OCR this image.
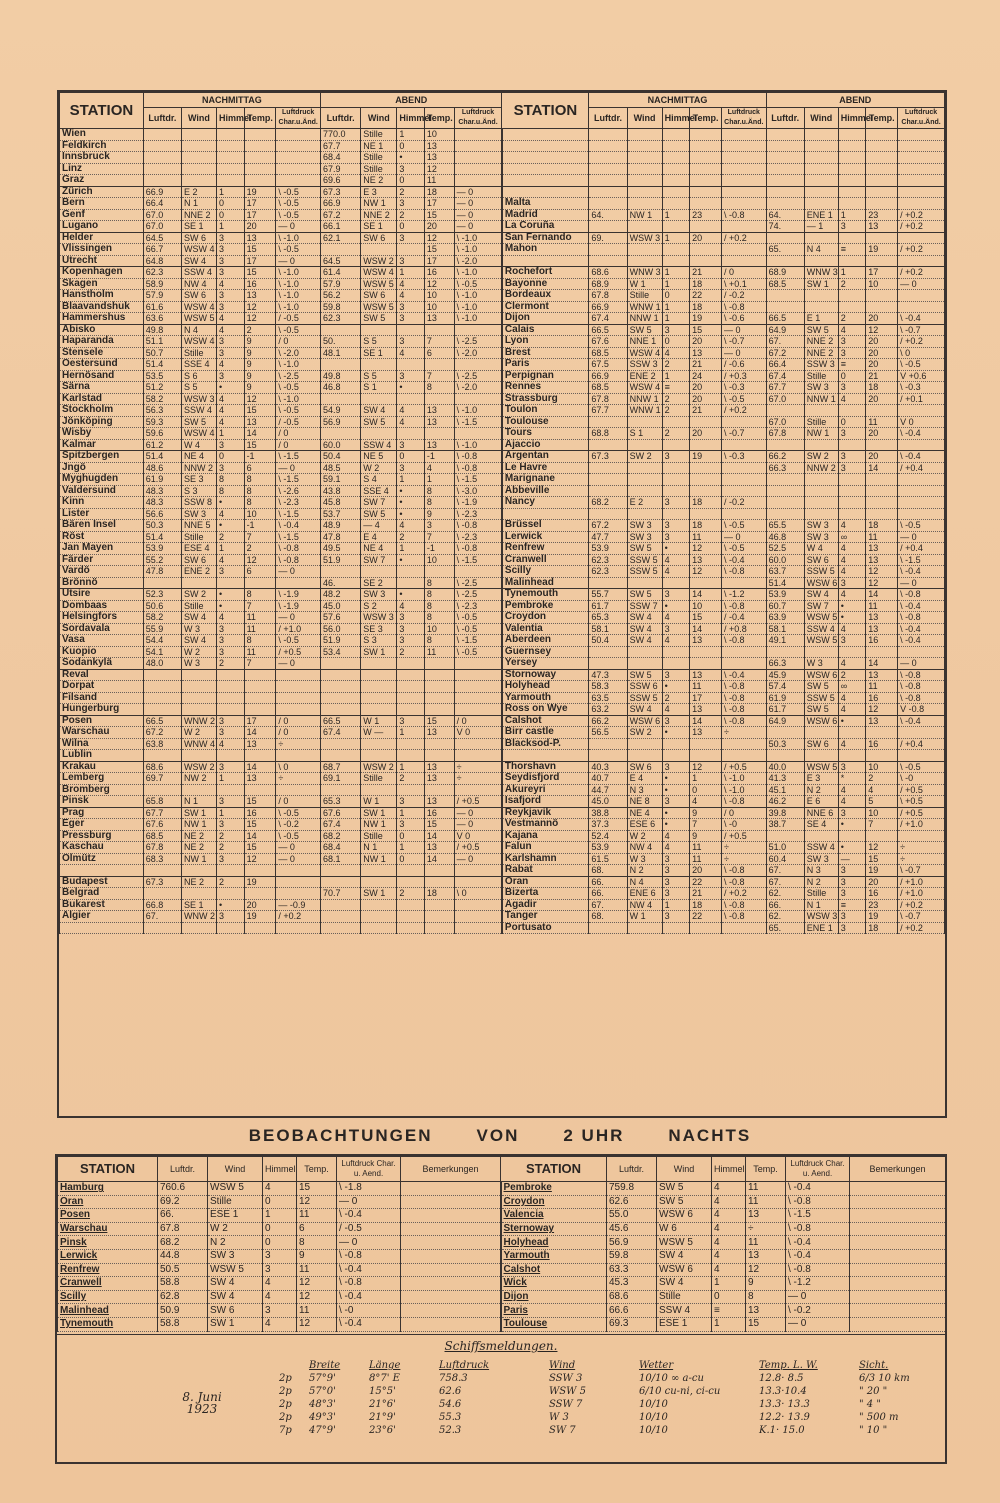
STATION	NACHMITTAG					ABEND					STATION	NACHMITTAG					ABEND				
	Luftdr.	Wind	Himmel	Temp.	Luftdruck Char.u.Änd.	Luftdr.	Wind	Himmel	Temp.	Luftdruck Char.u.Änd.		Luftdr.	Wind	Himmel	Temp.	Luftdruck Char.u.Änd.	Luftdr.	Wind	Himmel	Temp.	Luftdruck Char.u.Änd.
Wien						770.0	Stille	1	10												
Feldkirch						67.7	NE 1	0	13												
Innsbruck						68.4	Stille	•	13												
Linz						67.9	Stille	3	12												
Graz						69.6	NE 2	0	11												
Zürich	66.9	E 2	1	19	\ -0.5	67.3	E 3	2	18	— 0											
Bern	66.4	N 1	0	17	\ -0.5	66.9	NW 1	3	17	— 0	Malta										
Genf	67.0	NNE 2	0	17	\ -0.5	67.2	NNE 2	2	15	— 0	Madrid	64.	NW 1	1	23	\ -0.8	64.	ENE 1	1	23	/ +0.2
Lugano	67.0	SE 1	1	20	— 0	66.1	SE 1	0	20	— 0	La Coruña						74.	— 1	3	13	/ +0.2
Helder	64.5	SW 6	3	13	\ -1.0	62.1	SW 6	3	12	\ -1.0	San Fernando	69.	WSW 3	1	20	/ +0.2					
Vlissingen	66.7	WSW 4	3	15	\ -0.5				15	\ -1.0	Mahon						65.	N 4	≡	19	/ +0.2
Utrecht	64.8	SW 4	3	17	— 0	64.5	WSW 2	3	17	\ -2.0											
Kopenhagen	62.3	SSW 4	3	15	\ -1.0	61.4	WSW 4	1	16	\ -1.0	Rochefort	68.6	WNW 3	1	21	/ 0	68.9	WNW 3	1	17	/ +0.2
Skagen	58.9	NW 4	4	16	\ -1.0	57.9	WSW 5	4	12	\ -0.5	Bayonne	68.9	W 1	1	18	\ +0.1	68.5	SW 1	2	10	— 0
Hanstholm	57.9	SW 6	3	13	\ -1.0	56.2	SW 6	4	10	\ -1.0	Bordeaux	67.8	Stille	0	22	/ -0.2					
Blaavandshuk	61.6	WSW 4	3	12	\ -1.0	59.8	WSW 5	3	10	\ -1.0	Clermont	66.9	WNW 1	1	18	\ -0.8					
Hammershus	63.6	WSW 5	4	12	/ -0.5	62.3	SW 5	3	13	\ -1.0	Dijon	67.4	NNW 1	1	19	\ -0.6	66.5	E 1	2	20	\ -0.4
Abisko	49.8	N 4	4	2	\ -0.5						Calais	66.5	SW 5	3	15	— 0	64.9	SW 5	4	12	\ -0.7
Haparanda	51.1	WSW 4	3	9	/ 0	50.	S 5	3	7	\ -2.5	Lyon	67.6	NNE 1	0	20	\ -0.7	67.	NNE 2	3	20	/ +0.2
Stensele	50.7	Stille	3	9	\ -2.0	48.1	SE 1	4	6	\ -2.0	Brest	68.5	WSW 4	4	13	— 0	67.2	NNE 2	3	20	\ 0
Oestersund	51.4	SSE 4	4	9	\ -1.0						Paris	67.5	SSW 3	2	21	/ -0.6	66.4	SSW 3	≡	20	\ -0.5
Hernösand	53.5	S 6	3	9	\ -2.5	49.8	S 5	3	7	\ -2.5	Perpignan	66.9	ENE 2	1	24	/ +0.3	67.4	Stille	0	21	V +0.6
Särna	51.2	S 5	•	9	\ -0.5	46.8	S 1	•	8	\ -2.0	Rennes	68.5	WSW 4	≡	20	\ -0.3	67.7	SW 3	3	18	\ -0.3
Karlstad	58.2	WSW 3	4	12	\ -1.0						Strassburg	67.8	NNW 1	2	20	\ -0.5	67.0	NNW 1	4	20	/ +0.1
Stockholm	56.3	SSW 4	4	15	\ -0.5	54.9	SW 4	4	13	\ -1.0	Toulon	67.7	WNW 1	2	21	/ +0.2					
Jönköping	59.3	SW 5	4	13	/ -0.5	56.9	SW 5	4	13	\ -1.5	Toulouse						67.0	Stille	0	11	V 0
Wisby	59.6	WSW 4	1	14	/ 0						Tours	68.8	S 1	2	20	\ -0.7	67.8	NW 1	3	20	\ -0.4
Kalmar	61.2	W 4	3	15	/ 0	60.0	SSW 4	3	13	\ -1.0	Ajaccio										
Spitzbergen	51.4	NE 4	0	-1	\ -1.5	50.4	NE 5	0	-1	\ -0.8	Argentan	67.3	SW 2	3	19	\ -0.3	66.2	SW 2	3	20	\ -0.4
Jngö	48.6	NNW 2	3	6	— 0	48.5	W 2	3	4	\ -0.8	Le Havre						66.3	NNW 2	3	14	/ +0.4
Myghugden	61.9	SE 3	8	8	\ -1.5	59.1	S 4	1	1	\ -1.5	Marignane										
Valdersund	48.3	S 3	8	8	\ -2.6	43.8	SSE 4	•	8	\ -3.0	Abbeville										
Kinn	48.3	SSW 8	•	8	\ -2.3	45.8	SW 7	•	8	\ -1.9	Nancy	68.2	E 2	3	18	/ -0.2					
Lister	56.6	SW 3	4	10	\ -1.5	53.7	SW 5	•	9	\ -2.3											
Bären Insel	50.3	NNE 5	•	-1	\ -0.4	48.9	— 4	4	3	\ -0.8	Brüssel	67.2	SW 3	3	18	\ -0.5	65.5	SW 3	4	18	\ -0.5
Röst	51.4	Stille	2	7	\ -1.5	47.8	E 4	2	7	\ -2.3	Lerwick	47.7	SW 3	3	11	— 0	46.8	SW 3	∞	11	— 0
Jan Mayen	53.9	ESE 4	1	2	\ -0.8	49.5	NE 4	1	-1	\ -0.8	Renfrew	53.9	SW 5	•	12	\ -0.5	52.5	W 4	4	13	/ +0.4
Färder	55.2	SW 6	4	12	\ -0.8	51.9	SW 7	•	10	\ -1.5	Cranwell	62.3	SSW 5	4	13	\ -0.4	60.0	SW 6	4	13	\ -1.5
Vardö	47.8	ENE 2	3	6	— 0						Scilly	62.3	SSW 5	4	12	\ -0.8	63.7	SSW 5	4	12	\ -0.4
Brönnö						46.	SE 2		8	\ -2.5	Malinhead						51.4	WSW 6	3	12	— 0
Utsire	52.3	SW 2	•	8	\ -1.9	48.2	SW 3	•	8	\ -2.5	Tynemouth	55.7	SW 5	3	14	\ -1.2	53.9	SW 4	4	14	\ -0.8
Dombaas	50.6	Stille	•	7	\ -1.9	45.0	S 2	4	8	\ -2.3	Pembroke	61.7	SSW 7	•	10	\ -0.8	60.7	SW 7	•	11	\ -0.4
Helsingfors	58.2	SW 4	4	11	— 0	57.6	WSW 3	3	8	\ -0.5	Croydon	65.3	SW 4	4	15	/ -0.4	63.9	WSW 5	•	13	\ -0.8
Sordavala	55.9	W 3	3	11	/ +1.0	56.0	SE 3	3	10	\ -0.5	Valentia	58.1	SW 4	3	14	/ +0.8	58.1	SSW 4	4	13	\ -0.4
Vasa	54.4	SW 4	3	8	\ -0.5	51.9	S 3	3	8	\ -1.5	Aberdeen	50.4	SW 4	4	13	\ -0.8	49.1	WSW 5	3	16	\ -0.4
Kuopio	54.1	W 2	3	11	/ +0.5	53.4	SW 1	2	11	\ -0.5	Guernsey										
Sodankylä	48.0	W 3	2	7	— 0						Yersey						66.3	W 3	4	14	— 0
Reval											Stornoway	47.3	SW 5	3	13	\ -0.4	45.9	WSW 6	2	13	\ -0.8
Dorpat											Holyhead	58.3	SSW 6	•	11	\ -0.8	57.4	SW 5	∞	11	\ -0.8
Filsand											Yarmouth	63.5	SSW 5	2	17	\ -0.8	61.9	SSW 5	4	16	\ -0.8
Hungerburg											Ross on Wye	63.2	SW 4	4	13	\ -0.8	61.7	SW 5	4	12	V -0.8
Posen	66.5	WNW 2	3	17	/ 0	66.5	W 1	3	15	/ 0	Calshot	66.2	WSW 6	3	14	\ -0.8	64.9	WSW 6	•	13	\ -0.4
Warschau	67.2	W 2	3	14	/ 0	67.4	W —	1	13	V 0	Birr castle	56.5	SW 2	•	13	÷					
Wilna	63.8	WNW 4	4	13	÷						Blacksod-P.						50.3	SW 6	4	16	/ +0.4
Lublin																					
Krakau	68.6	WSW 2	3	14	\ 0	68.7	WSW 2	1	13	÷	Thorshavn	40.3	SW 6	3	12	/ +0.5	40.0	WSW 5	3	10	\ -0.5
Lemberg	69.7	NW 2	1	13	÷	69.1	Stille	2	13	÷	Seydisfjord	40.7	E 4	•	1	\ -1.0	41.3	E 3	*	2	\ -0
Bromberg											Akureyri	44.7	N 3	•	0	\ -1.0	45.1	N 2	4	4	/ +0.5
Pinsk	65.8	N 1	3	15	/ 0	65.3	W 1	3	13	/ +0.5	Isafjord	45.0	NE 8	3	4	\ -0.8	46.2	E 6	4	5	\ +0.5
Prag	67.7	SW 1	1	16	\ -0.5	67.6	SW 1	1	16	— 0	Reykjavik	38.8	NE 4	•	9	/ 0	39.8	NNE 6	3	10	/ +0.5
Eger	67.6	NW 1	3	15	\ -0.2	67.4	NW 1	3	15	— 0	Vestmannö	37.3	ESE 6	•	7	\ -0	38.7	SE 4	•	7	/ +1.0
Pressburg	68.5	NE 2	2	14	\ -0.5	68.2	Stille	0	14	V 0	Kajana	52.4	W 2	4	9	/ +0.5					
Kaschau	67.8	NE 2	2	15	— 0	68.4	N 1	1	13	/ +0.5	Falun	53.9	NW 4	4	11	÷	51.0	SSW 4	•	12	÷
Olmütz	68.3	NW 1	3	12	— 0	68.1	NW 1	0	14	— 0	Karlshamn	61.5	W 3	3	11	÷	60.4	SW 3	—	15	÷
											Rabat	68.	N 2	3	20	\ -0.8	67.	N 3	3	19	\ -0.7
Budapest	67.3	NE 2	2	19							Oran	66.	N 4	3	22	\ -0.8	67.	N 2	3	20	/ +1.0
Belgrad						70.7	SW 1	2	18	\ 0	Bizerta	66.	ENE 6	3	21	/ +0.2	62.	Stille	3	16	/ +1.0
Bukarest	66.8	SE 1	•	20	— -0.9						Agadir	67.	NW 4	1	18	\ -0.8	66.	N 1	≡	23	/ +0.2
Algier	67.	WNW 2	3	19	/ +0.2						Tanger	68.	W 1	3	22	\ -0.8	62.	WSW 3	3	19	\ -0.7
											Portusato						65.	ENE 1	3	18	/ +0.2
BEOBACHTUNGEN	VON	2 UHR	NACHTS
STATION	Luftdr.	Wind	Himmel	Temp.	Luftdruck Char. u. Aend.	Bemerkungen	STATION	Luftdr.	Wind	Himmel	Temp.	Luftdruck Char. u. Aend.	Bemerkungen
Hamburg	760.6	WSW 5	4	15	\ -1.8		Pembroke	759.8	SW 5	4	11	\ -0.4	
Oran	69.2	Stille	0	12	— 0		Croydon	62.6	SW 5	4	11	\ -0.8	
Posen	66.	ESE 1	1	11	\ -0.4		Valencia	55.0	WSW 6	4	13	\ -1.5	
Warschau	67.8	W 2	0	6	/ -0.5		Sternoway	45.6	W 6	4	÷	\ -0.8	
Pinsk	68.2	N 2	0	8	— 0		Holyhead	56.9	WSW 5	4	11	\ -0.4	
Lerwick	44.8	SW 3	3	9	\ -0.8		Yarmouth	59.8	SW 4	4	13	\ -0.4	
Renfrew	50.5	WSW 5	3	11	\ -0.4		Calshot	63.3	WSW 6	4	12	\ -0.8	
Cranwell	58.8	SW 4	4	12	\ -0.8		Wick	45.3	SW 4	1	9	\ -1.2	
Scilly	62.8	SW 4	4	12	\ -0.4		Dijon	68.6	Stille	0	8	— 0	
Malinhead	50.9	SW 6	3	11	\ -0		Paris	66.6	SSW 4	≡	13	\ -0.2	
Tynemouth	58.8	SW 1	4	12	\ -0.4		Toulouse	69.3	ESE 1	1	15	— 0	
Schiffsmeldungen.
8. Juni 1923
	Breite	Länge	Luftdruck	Wind	Wetter	Temp. L. W.	Sicht.
2p	57°9'	8°7' E	758.3	SSW 3	10/10 ∞ a-cu	12.8· 8.5	6/3 10 km
2p	57°0'	15°5'	62.6	WSW 5	6/10 cu-ni, ci-cu	13.3·10.4	" 20 "
2p	48°3'	21°6'	54.6	SSW 7	10/10	13.3· 13.3	" 4 "
2p	49°3'	21°9'	55.3	W 3	10/10	12.2· 13.9	" 500 m
7p	47°9'	23°6'	52.3	SW 7	10/10	K.1· 15.0	" 10 "
